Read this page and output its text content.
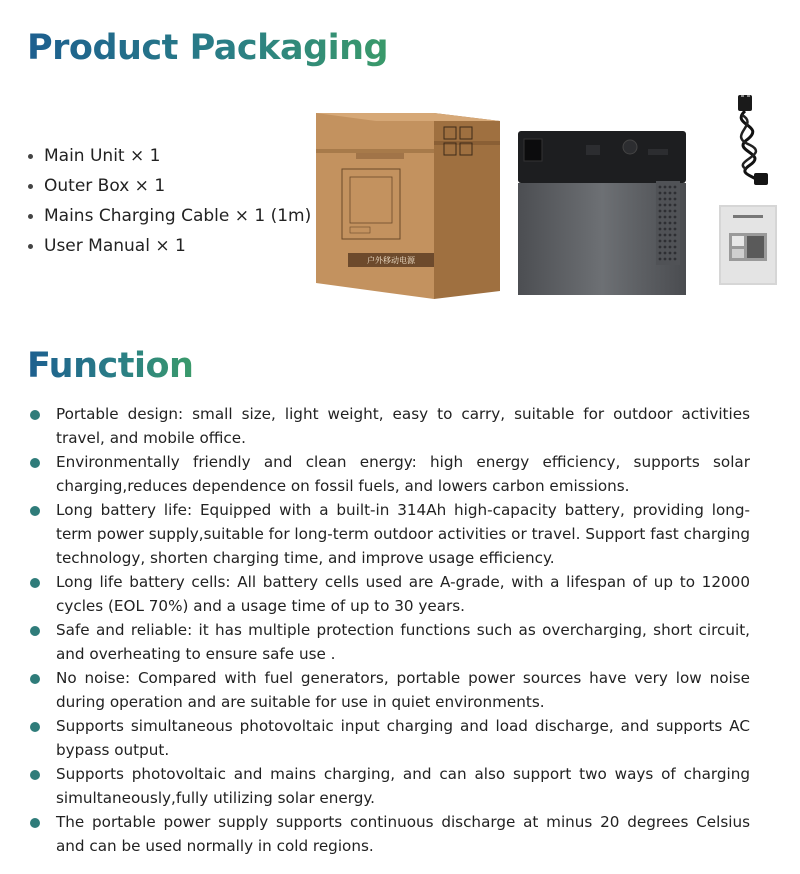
Product Packaging
Main Unit × 1
Outer Box × 1
Mains Charging Cable × 1 (1m)
User Manual × 1
户外移动电源
Function
Portable design: small size, light weight, easy to carry, suitable for outdoor activities travel, and mobile office.
Environmentally friendly and clean energy: high energy efficiency, supports solar charging,reduces dependence on fossil fuels, and lowers carbon emissions.
Long battery life: Equipped with a built-in 314Ah high-capacity battery, providing long-term power supply,suitable for long-term outdoor activities or travel. Support fast charging technology, shorten charging time, and improve usage efficiency.
Long life battery cells: All battery cells used are A-grade, with a lifespan of up to 12000 cycles (EOL 70%) and a usage time of up to 30 years.
Safe and reliable: it has multiple protection functions such as overcharging, short circuit, and overheating to ensure safe use .
No noise: Compared with fuel generators, portable power sources have very low noise during operation and are suitable for use in quiet environments.
Supports simultaneous photovoltaic input charging and load discharge, and supports AC bypass output.
Supports photovoltaic and mains charging, and can also support two ways of charging simultaneously,fully utilizing solar energy.
The portable power supply supports continuous discharge at minus 20 degrees Celsius and can be used normally in cold regions.
